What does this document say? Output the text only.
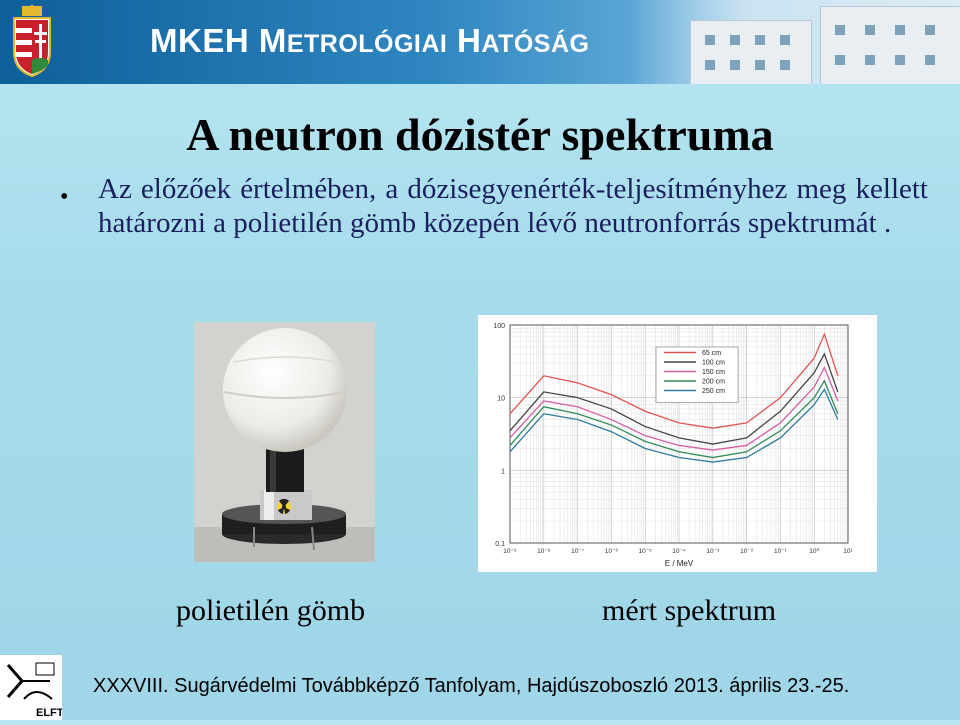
MKEH METROLÓGIAI HATÓSÁG
A neutron dózistér spektruma
• Az előzőek értelmében, a dózisegyenérték-teljesítményhez meg kellett határozni a polietilén gömb közepén lévő neutronforrás spektrumát .
100
10
1
0.1
10⁻⁹	10⁻⁸	10⁻⁷	10⁻⁶	10⁻⁵	10⁻⁴	10⁻³	10⁻²	10⁻¹	10⁰	10¹
E / MeV
65 cm
100 cm
150 cm
200 cm
250 cm
polietilén gömb	mért spektrum
ELFT
XXXVIII. Sugárvédelmi Továbbképző Tanfolyam, Hajdúszoboszló 2013. április 23.-25.
